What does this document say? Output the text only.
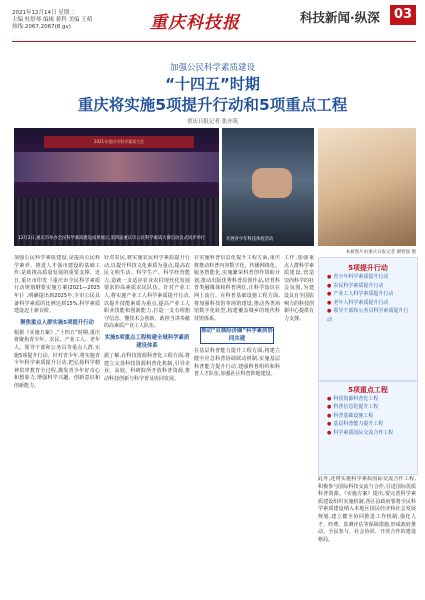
2021年12月14日 星期二
主编 杜舒琴 编辑 蒋科 美编 王萌
热线:2067,2067(8 gv)	重庆科技报	科技新闻·纵深	03
加强公民科学素质建设
“十四五”时期
重庆将实施5项提升行动和5项重点工程
重庆日报记者 张亦筑
2021年重庆市科学素质大会
12月2日,重庆市举办全民科学素质建设成果展示,第四届重庆市公民科学素质大赛启动仪式同步举行	开展青少年科技体验活动
本板图片由重庆日报记者 谢智强 摄
加强公民科学素质建设,是提高公民科学素养、推进人才强市建设的基础工作,是助推高质量发展的重要支撑。近日,重庆市印发《重庆市全民科学素质行动规划纲要实施方案(2021—2025年)》,明确提出到2025年,全市公民具备科学素质的比例达到15%,科学素质建设迈上新台阶。
聚焦重点人群实施5项提升行动
根据《实施方案》,“十四五”时期,重庆将聚焦青少年、农民、产业工人、老年人、领导干部和公务员等重点人群,实施5项提升行动。针对青少年,将实施青少年科学素质提升行动,把弘扬科学精神贯穿教育全过程,激发青少年好奇心和想象力,增强科学兴趣、创新意识和创新能力。
针对农民,将实施农民科学素质提升行动,以提升科技文化素质为重点,提高农民文明生活、科学生产、科学经营能力,造就一支适应农业农村现代化发展要求的高素质农民队伍。针对产业工人,将实施产业工人科学素质提升行动,以提升技能素质为重点,提高产业工人职业技能和创新能力,打造一支有理想守信念、懂技术会创新、敢担当讲奉献的高素质产业工人队伍。
实施5项重点工程构建全域科学素质建设体系
据了解,在科技资源科普化工程方面,将建立完善科技资源科普化机制,引导企业、高校、科研院所开放科普资源,推动科技创新与科学普及协同发展。
在实施科普信息化提升工程方面,重庆将推动科普内容数字化、传播网络化、服务智能化,实施繁荣科普创作资助计划,推动出版优秀科普原创作品,培育科普类融媒体和科普网红,让科学知识在网上流行。在科普基础设施工程方面,将加强科技馆等场馆建设,推动各类场馆数字化转型,构建覆盖城乡的现代科技馆体系。
推动“双城经济圈”科学素质协同共建
在基层科普能力提升工程方面,将建立健全应急科普协调联动机制,实施基层科普能力提升行动,建强科普组织和科普人才队伍,加强社区科普阵地建设。
5项提升行动
● 青少年科学素质提升行动
● 农民科学素质提升行动
● 产业工人科学素质提升行动
● 老年人科学素质提升行动
● 领导干部和公务员科学素质提升行动
5项重点工程
● 科技资源科普化工程
● 科普信息化提升工程
● 科普基础设施工程
● 基层科普能力提升工程
● 科学素质国际交流合作工程
此外,还将实施科学素质国际交流合作工程,积极参与国际科技交流与合作,引进国际优质科普资源。《实施方案》提出,要完善科学素质建设组织实施机制,各区县政府要将全民科学素质建设纳入本地区国民经济和社会发展规划,建立健全协同推进工作机制,强化人才、经费、监测评估等保障措施,形成政府推动、全民参与、社会协同、开放合作的建设格局。
工作,加强重点人群科学素质建设,营造崇尚科学的社会氛围,为建设具有全国影响力的科技创新中心提供有力支撑。
